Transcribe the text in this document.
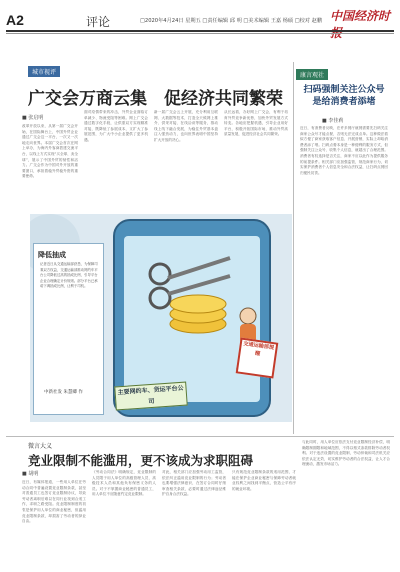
A2	评论	□2020年4月24日 星期五 □责任编辑 邱 明 □美术编辑 王嘉 杨硕 □校对 赵鹏 中国经济时
城市视评
广交会万商云集　促经济共同繁荣
■ 张启明
改革开放以来，从第一届广交会开始，在国际舞台上，中国外贸企业通过广交会这一平台，一次又一次地走向世界。本届广交会首次在网上举办，为海内外客商搭建交流平台，以线上方式实现“买全球、卖全球”，展示了中国外贸的韧性和活力。广交会作为中国对外开放的重要窗口，承担着稳外贸稳外资的重要使命。
面对疫情带来的冲击，外贸企业面临订单减少、物流受阻等困难。网上广交会通过数字化手段，让供需双方实现精准对接，既降低了参展成本，又扩大了参展范围，为广大中小企业提供了更多机遇。
新一届广交会云上开展，充分利用互联网、大数据等技术，打造全天候网上推介、供采对接、在线洽谈等服务，推动线上线下融合发展，为稳住外贸基本盘注入强劲动力，也向世界表明中国坚持扩大开放的决心。
从长远看，办好网上广交会，有利于培育外贸竞争新优势，加快外贸发展方式转变。各地应把握机遇，引导企业用好平台，积极开拓国际市场，推动外贸高质量发展，促进经济社会共同繁荣。
降低抽成
记者近日从交通运输部获悉，为保障司乘双方权益，交通运输部推动网约车平台公司降低过高的抽成比例，引导平台企业合理确定计价规则。部分平台已承诺下调抽成比例，让利于司机。
中新社发 朱慧卿 作	主要网约车、货运平台公司
交通运输部提醒
康言观社
扫码强制关注公众号是给消费者添堵
■ 李佳莉
近日，有消费者反映，在许多餐厅就餐需要先扫码关注商家公众号才能点餐，否则无法完成点单。这种做法看似方便了商家获取客户信息、开展营销，实际上却给消费者添了堵。扫码点餐本身是一种便利的服务方式，但强制关注公众号、收集个人信息，就超出了合理范围。消费者有权选择是否关注，商家不应以此作为提供服务的前提条件。相关部门应加强监管，规范商家行为，切实保护消费者个人信息安全和合法权益，让扫码点餐回归便民初衷。
微言大义
竞业限制不能滥用，更不该成为求职阻碍
■ 胡明
近日，有媒体报道，一些用人单位在劳动合同中普遍设置竞业限制条款，甚至对普通员工也签订竞业限制协议，导致劳动者离职后难以在同行业找到合适工作，求职之路受阻。竞业限制制度的初衷是保护用人单位的商业秘密，但滥用竞业限制条款，却损害了劳动者的择业自由。
《劳动合同法》明确规定，竞业限制的人员限于用人单位的高级管理人员、高级技术人员和其他负有保密义务的人员。对于不掌握商业秘密的普通员工，用人单位不应随意约定竞业限制。
对此，相关部门应加强劳动用工监管，依法纠正滥用竞业限制的行为；劳动者也要增强法律意识，在签订合同时仔细审查相关条款，必要时通过法律途径维护自身合法权益。
只有规范竞业限制条款的适用范围，才能在保护企业商业秘密与保障劳动者就业权利之间找到平衡点，营造公平有序的就业环境。
与此同时，用人单位应依法支付竞业限制经济补偿，明确限制期限和地域范围，不得以格式条款排除劳动者权利。对于违法设置的竞业限制，劳动仲裁和司法机关应依法认定无效，切实维护劳动者的合法权益，让人才合理流动，激发市场活力。
